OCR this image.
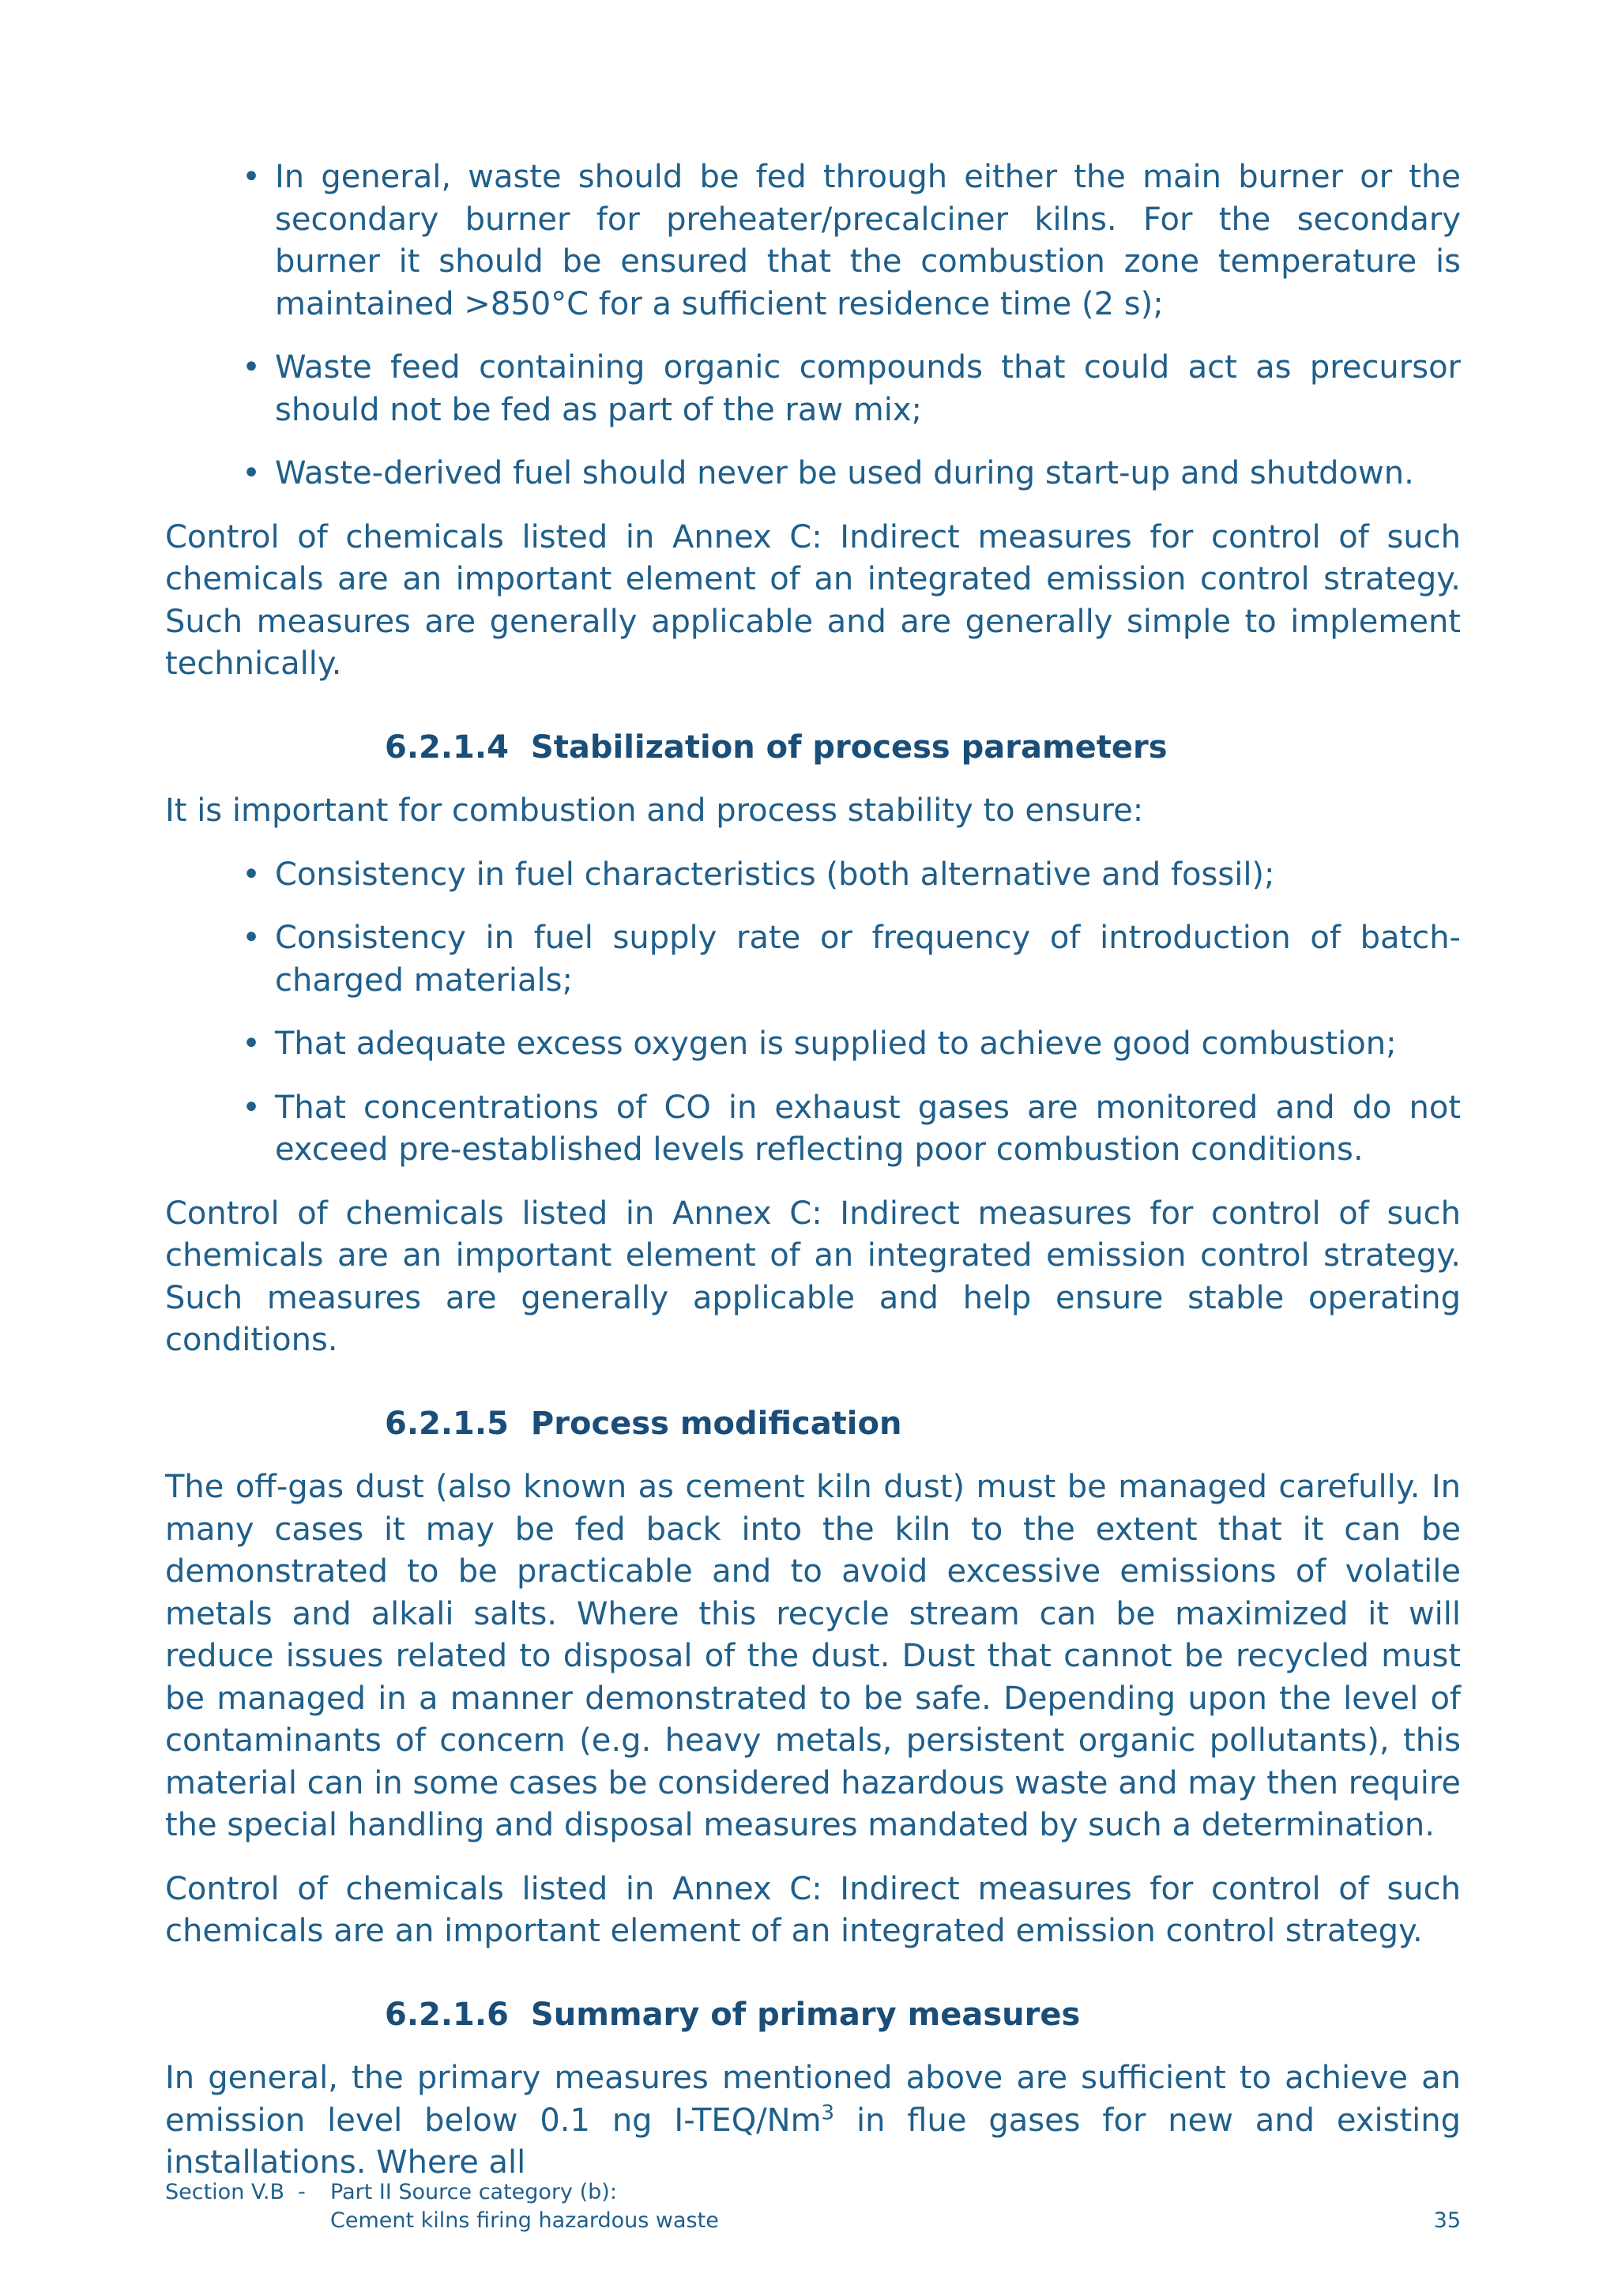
• In general, waste should be fed through either the main burner or the secondary burner for preheater/precalciner kilns. For the secondary burner it should be ensured that the combustion zone temperature is maintained >850°C for a sufficient residence time (2 s);
• Waste feed containing organic compounds that could act as precursor should not be fed as part of the raw mix;
• Waste-derived fuel should never be used during start-up and shutdown.

Control of chemicals listed in Annex C: Indirect measures for control of such chemicals are an important element of an integrated emission control strategy. Such measures are generally applicable and are generally simple to implement technically.

6.2.1.4 Stabilization of process parameters

It is important for combustion and process stability to ensure:

• Consistency in fuel characteristics (both alternative and fossil);
• Consistency in fuel supply rate or frequency of introduction of batch-charged materials;
• That adequate excess oxygen is supplied to achieve good combustion;
• That concentrations of CO in exhaust gases are monitored and do not exceed pre-established levels reflecting poor combustion conditions.

Control of chemicals listed in Annex C: Indirect measures for control of such chemicals are an important element of an integrated emission control strategy. Such measures are generally applicable and help ensure stable operating conditions.

6.2.1.5 Process modification

The off-gas dust (also known as cement kiln dust) must be managed carefully. In many cases it may be fed back into the kiln to the extent that it can be demonstrated to be practicable and to avoid excessive emissions of volatile metals and alkali salts. Where this recycle stream can be maximized it will reduce issues related to disposal of the dust. Dust that cannot be recycled must be managed in a manner demonstrated to be safe. Depending upon the level of contaminants of concern (e.g. heavy metals, persistent organic pollutants), this material can in some cases be considered hazardous waste and may then require the special handling and disposal measures mandated by such a determination.

Control of chemicals listed in Annex C: Indirect measures for control of such chemicals are an important element of an integrated emission control strategy.

6.2.1.6 Summary of primary measures

In general, the primary measures mentioned above are sufficient to achieve an emission level below 0.1 ng I-TEQ/Nm$^3$ in flue gases for new and existing installations. Where all

Section V.B - Part II Source category (b):
Cement kilns firing hazardous waste	35
